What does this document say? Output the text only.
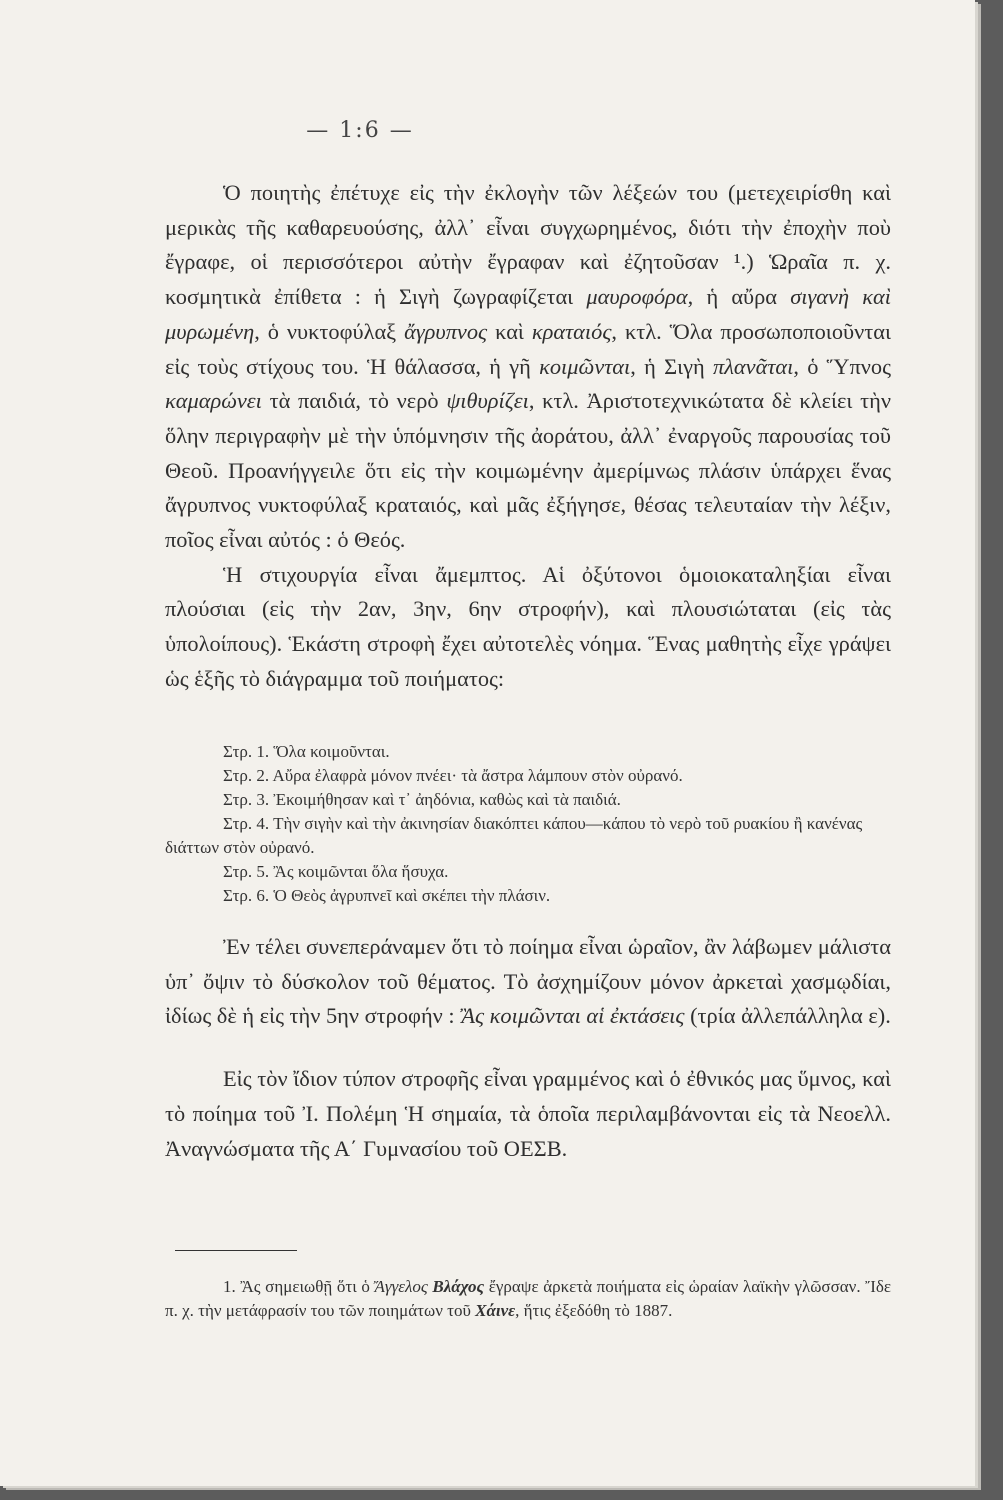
— 1:6 —

Ὁ ποιητὴς ἐπέτυχε εἰς τὴν ἐκλογὴν τῶν λέξεών του (μετεχειρίσθη καὶ μερικὰς τῆς καθαρευούσης, ἀλλ᾿ εἶναι συγχωρημένος, διότι τὴν ἐποχὴν ποὺ ἔγραφε, οἱ περισσότεροι αὐτὴν ἔγραφαν καὶ ἐζητοῦσαν ¹.) Ὡραῖα π. χ. κοσμητικὰ ἐπίθετα : ἡ Σιγὴ ζωγραφίζεται μαυροφόρα, ἡ αὔρα σιγανὴ καὶ μυρωμένη, ὁ νυκτοφύλαξ ἄγρυπνος καὶ κραταιός, κτλ. Ὅλα προσωποποιοῦνται εἰς τοὺς στίχους του. Ἡ θάλασσα, ἡ γῆ κοιμῶνται, ἡ Σιγὴ πλανᾶται, ὁ Ὕπνος καμαρώνει τὰ παιδιά, τὸ νερὸ ψιθυρίζει, κτλ. Ἀριστοτεχνικώτατα δὲ κλείει τὴν ὅλην περιγραφὴν μὲ τὴν ὑπόμνησιν τῆς ἀοράτου, ἀλλ᾿ ἐναργοῦς παρουσίας τοῦ Θεοῦ. Προανήγγειλε ὅτι εἰς τὴν κοιμωμένην ἀμερίμνως πλάσιν ὑπάρχει ἕνας ἄγρυπνος νυκτοφύλαξ κραταιός, καὶ μᾶς ἐξήγησε, θέσας τελευταίαν τὴν λέξιν, ποῖος εἶναι αὐτός : ὁ Θεός.

Ἡ στιχουργία εἶναι ἄμεμπτος. Αἱ ὀξύτονοι ὁμοιοκαταληξίαι εἶναι πλούσιαι (εἰς τὴν 2αν, 3ην, 6ην στροφήν), καὶ πλουσιώταται (εἰς τὰς ὑπολοίπους). Ἑκάστη στροφὴ ἔχει αὐτοτελὲς νόημα. Ἕνας μαθητὴς εἶχε γράψει ὡς ἑξῆς τὸ διάγραμμα τοῦ ποιήματος:

Στρ. 1. Ὅλα κοιμοῦνται.
Στρ. 2. Αὔρα ἐλαφρὰ μόνον πνέει· τὰ ἄστρα λάμπουν στὸν οὐρανό.
Στρ. 3. Ἐκοιμήθησαν καὶ τ᾿ ἀηδόνια, καθὼς καὶ τὰ παιδιά.
Στρ. 4. Τὴν σιγὴν καὶ τὴν ἀκινησίαν διακόπτει κάπου—κάπου τὸ νερὸ τοῦ ρυακίου ἢ κανένας διάττων στὸν οὐρανό.
Στρ. 5. Ἂς κοιμῶνται ὅλα ἥσυχα.
Στρ. 6. Ὁ Θεὸς ἀγρυπνεῖ καὶ σκέπει τὴν πλάσιν.

Ἐν τέλει συνεπεράναμεν ὅτι τὸ ποίημα εἶναι ὡραῖον, ἂν λάβωμεν μάλιστα ὑπ᾿ ὄψιν τὸ δύσκολον τοῦ θέματος. Τὸ ἀσχημίζουν μόνον ἀρκεταὶ χασμῳδίαι, ἰδίως δὲ ἡ εἰς τὴν 5ην στροφήν : Ἂς κοιμῶνται αἱ ἐκτάσεις (τρία ἀλλεπάλληλα ε).

Εἰς τὸν ἴδιον τύπον στροφῆς εἶναι γραμμένος καὶ ὁ ἐθνικός μας ὕμνος, καὶ τὸ ποίημα τοῦ Ἰ. Πολέμη Ἡ σημαία, τὰ ὁποῖα περιλαμβάνονται εἰς τὰ Νεοελλ. Ἀναγνώσματα τῆς Α΄ Γυμνασίου τοῦ ΟΕΣΒ.

1. Ἂς σημειωθῇ ὅτι ὁ Ἄγγελος Βλάχος ἔγραψε ἀρκετὰ ποιήματα εἰς ὡραίαν λαϊκὴν γλῶσσαν. Ἴδε π. χ. τὴν μετάφρασίν του τῶν ποιημάτων τοῦ Χάινε, ἥτις ἐξεδόθη τὸ 1887.
